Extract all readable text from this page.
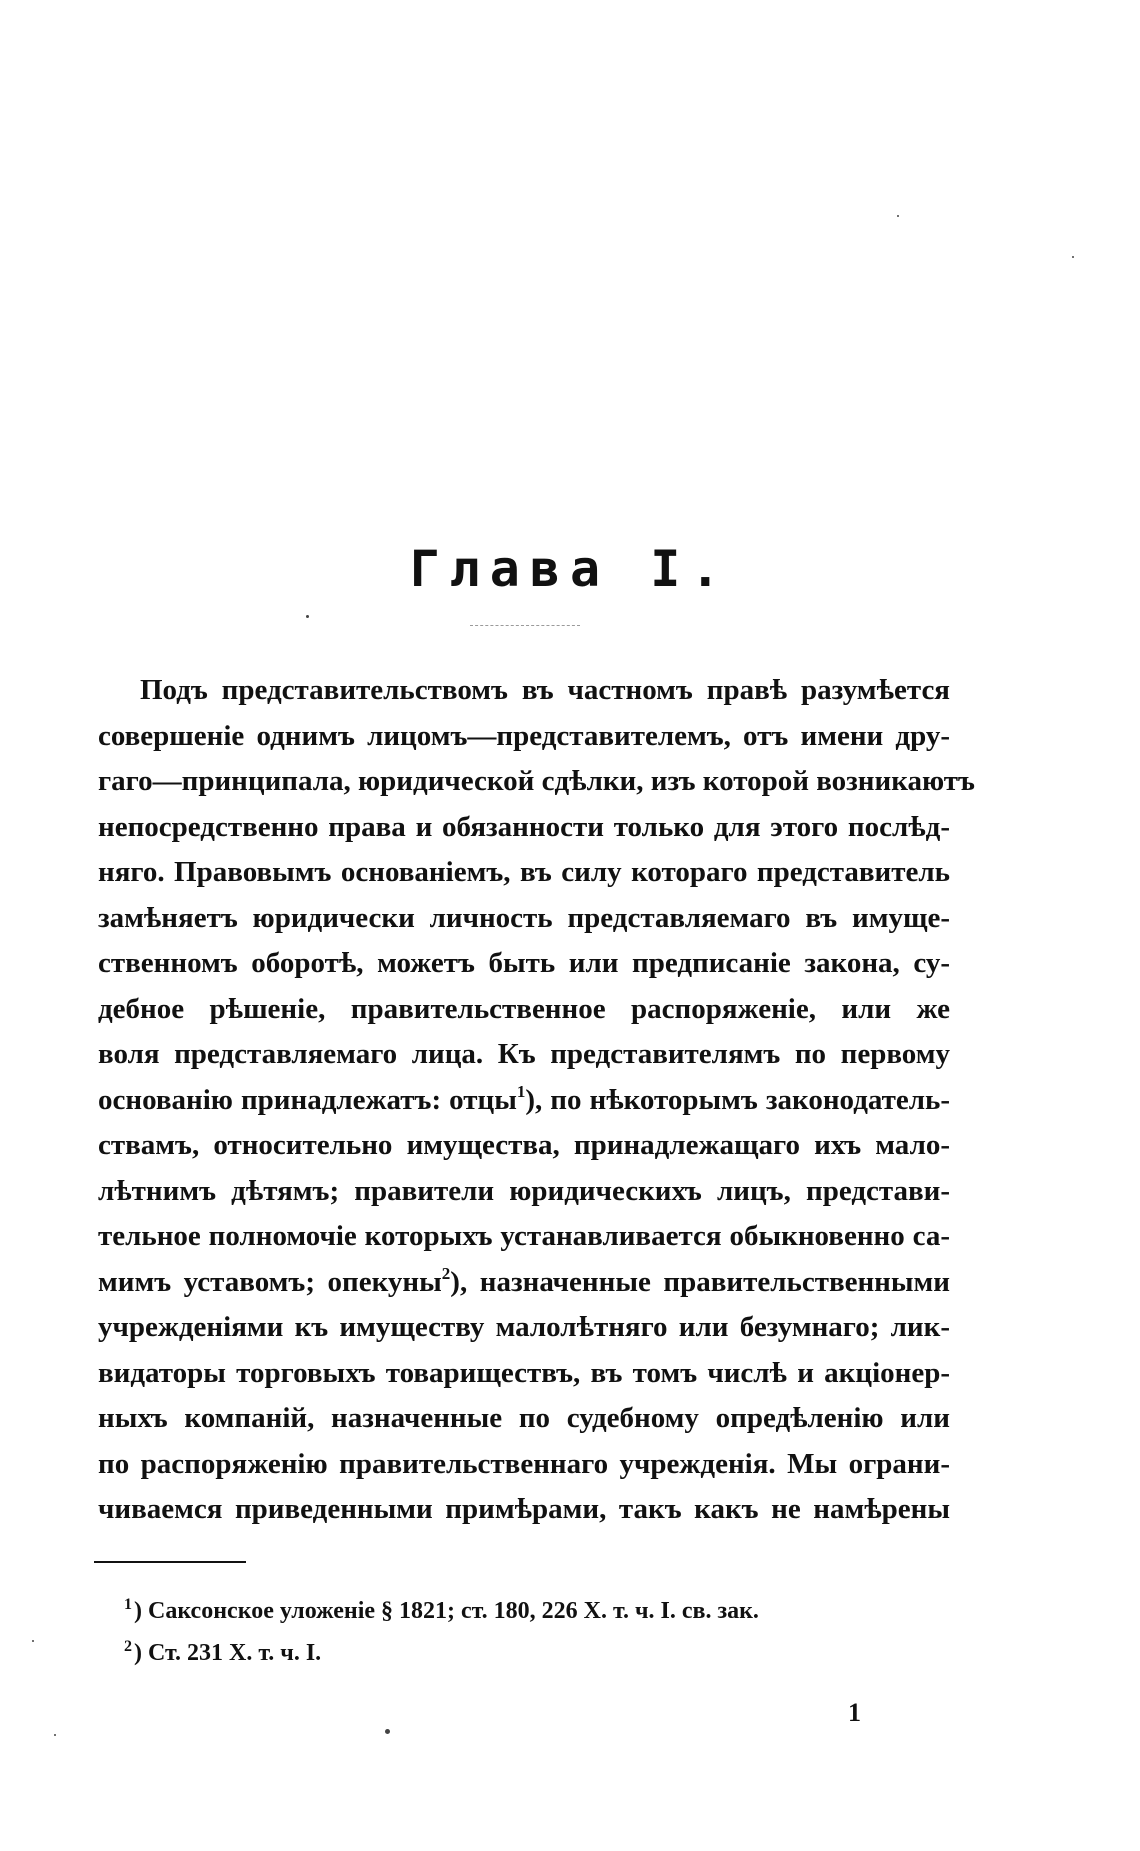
Глава I.
Подъ представительствомъ въ частномъ правѣ разумѣется
совершеніе однимъ лицомъ—представителемъ, отъ имени дру-
гаго—принципала, юридической сдѣлки, изъ которой возникаютъ
непосредственно права и обязанности только для этого послѣд-
няго. Правовымъ основаніемъ, въ силу котораго представитель
замѣняетъ юридически личность представляемаго въ имуще-
ственномъ оборотѣ, можетъ быть или предписаніе закона, су-
дебное рѣшеніе, правительственное распоряженіе, или же
воля представляемаго лица. Къ представителямъ по первому
основанію принадлежатъ: отцы$^1$), по нѣкоторымъ законодатель-
ствамъ, относительно имущества, принадлежащаго ихъ мало-
лѣтнимъ дѣтямъ; правители юридическихъ лицъ, представи-
тельное полномочіе которыхъ устанавливается обыкновенно са-
мимъ уставомъ; опекуны$^2$), назначенные правительственными
учрежденіями къ имуществу малолѣтняго или безумнаго; лик-
видаторы торговыхъ товариществъ, въ томъ числѣ и акціонер-
ныхъ компаній, назначенные по судебному опредѣленію или
по распоряженію правительственнаго учрежденія. Мы ограни-
чиваемся приведенными примѣрами, такъ какъ не намѣрены
$^1$) Саксонское уложеніе § 1821; ст. 180, 226 X. т. ч. I. св. зак.
$^2$) Ст. 231 X. т. ч. I.
1
